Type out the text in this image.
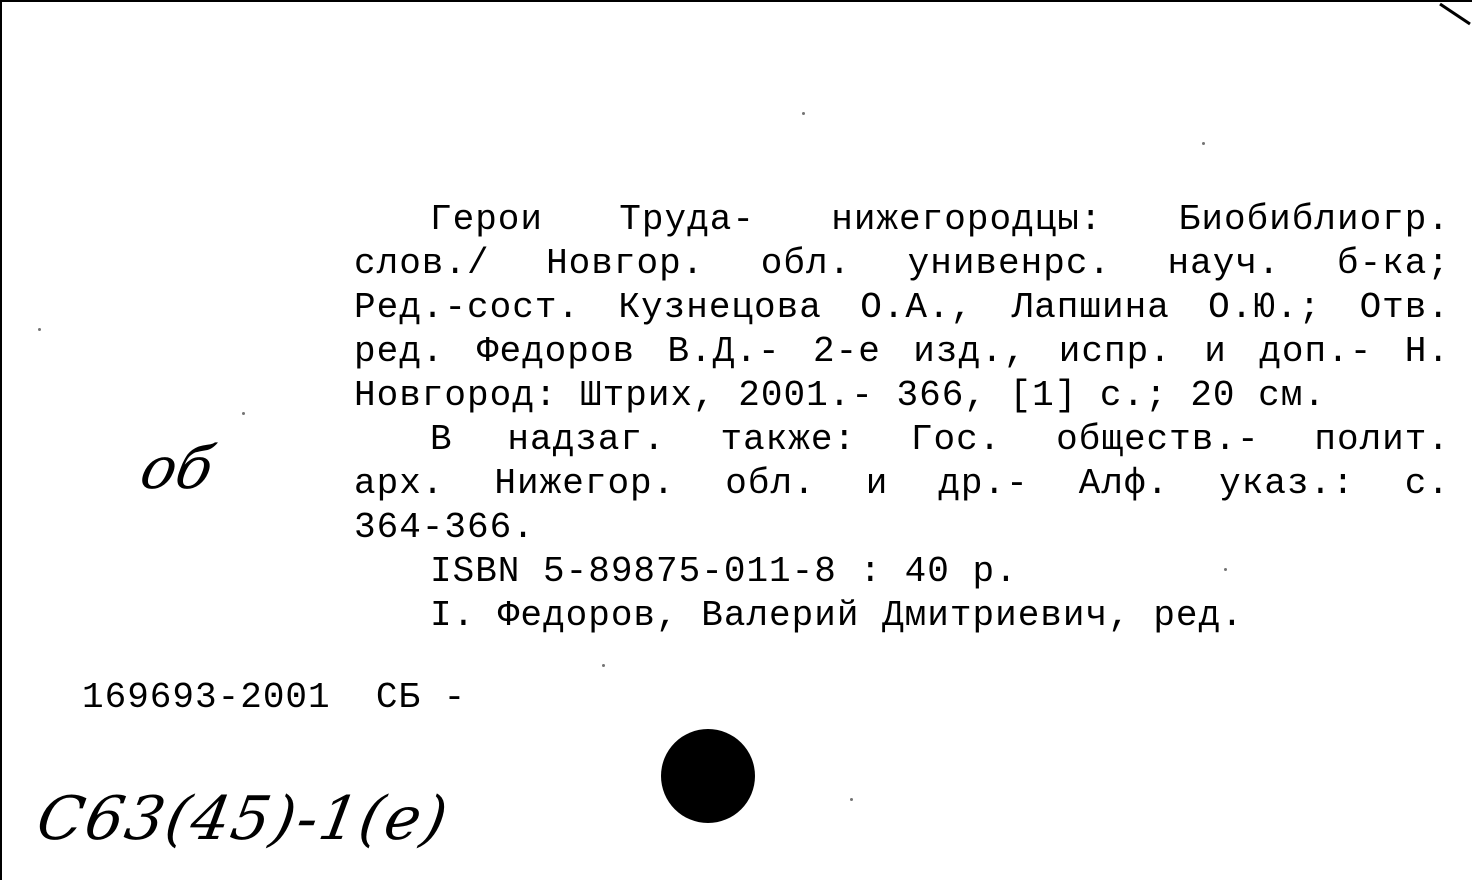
Герои Труда- нижегородцы: Биобиблиогр.
слов./ Новгор. обл. унивенрс. науч. б-ка;
Ред.-сост. Кузнецова О.А., Лапшина О.Ю.; Отв.
ред. Федоров В.Д.- 2-е изд., испр. и доп.- Н.
Новгород: Штрих, 2001.- 366, [1] с.; 20 см.
В надзаг. также: Гос. обществ.- полит.
арх. Нижегор. обл. и др.- Алф. указ.: с.
364-366.
ISBN 5-89875-011-8 : 40 р.
I. Федоров, Валерий Дмитриевич, ред.
169693-2001  СБ -
об
С63(45)-1(е)
